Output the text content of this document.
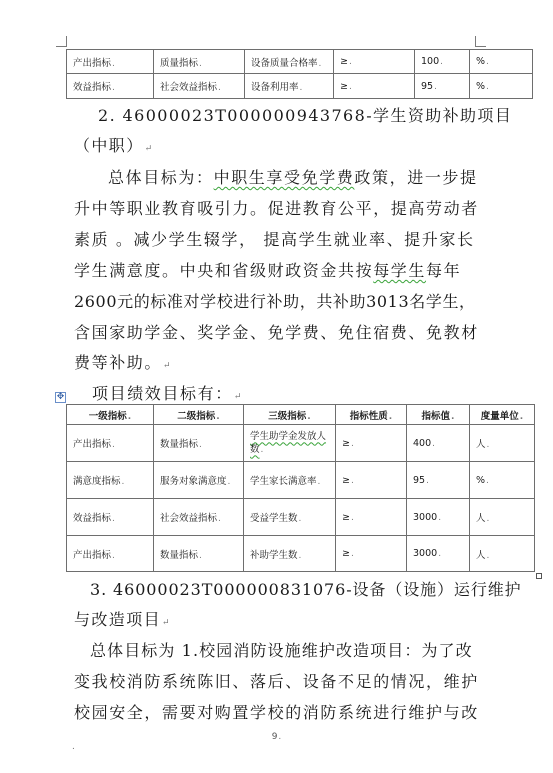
产出指标.	质量指标.	设备质量合格率.	≥.	100.	%.
效益指标.	社会效益指标.	设备利用率.	≥.	95.	%.
2. 46000023T000000943768-学生资助补助项目
（中职）↵
总体目标为：中职生享受免学费政策，进一步提
升中等职业教育吸引力。促进教育公平，提高劳动者
素质 。减少学生辍学， 提高学生就业率、提升家长
学生满意度。中央和省级财政资金共按每学生每年
2600元的标准对学校进行补助，共补助3013名学生，
含国家助学金、奖学金、免学费、免住宿费、免教材
费等补助。↵
✥ 项目绩效目标有：↵
一级指标.	二级指标.	三级指标.	指标性质.	指标值.	度量单位.
产出指标.	数量指标.	学生助学金发放人数.	≥.	400.	人.
满意度指标.	服务对象满意度.	学生家长满意率.	≥.	95.	%.
效益指标.	社会效益指标.	受益学生数.	≥.	3000.	人.
产出指标.	数量指标.	补助学生数.	≥.	3000.	人.
3. 46000023T000000831076-设备（设施）运行维护
与改造项目↵
总体目标为 1.校园消防设施维护改造项目：为了改
变我校消防系统陈旧、落后、设备不足的情况，维护
校园安全，需要对购置学校的消防系统进行维护与改
9.
.
